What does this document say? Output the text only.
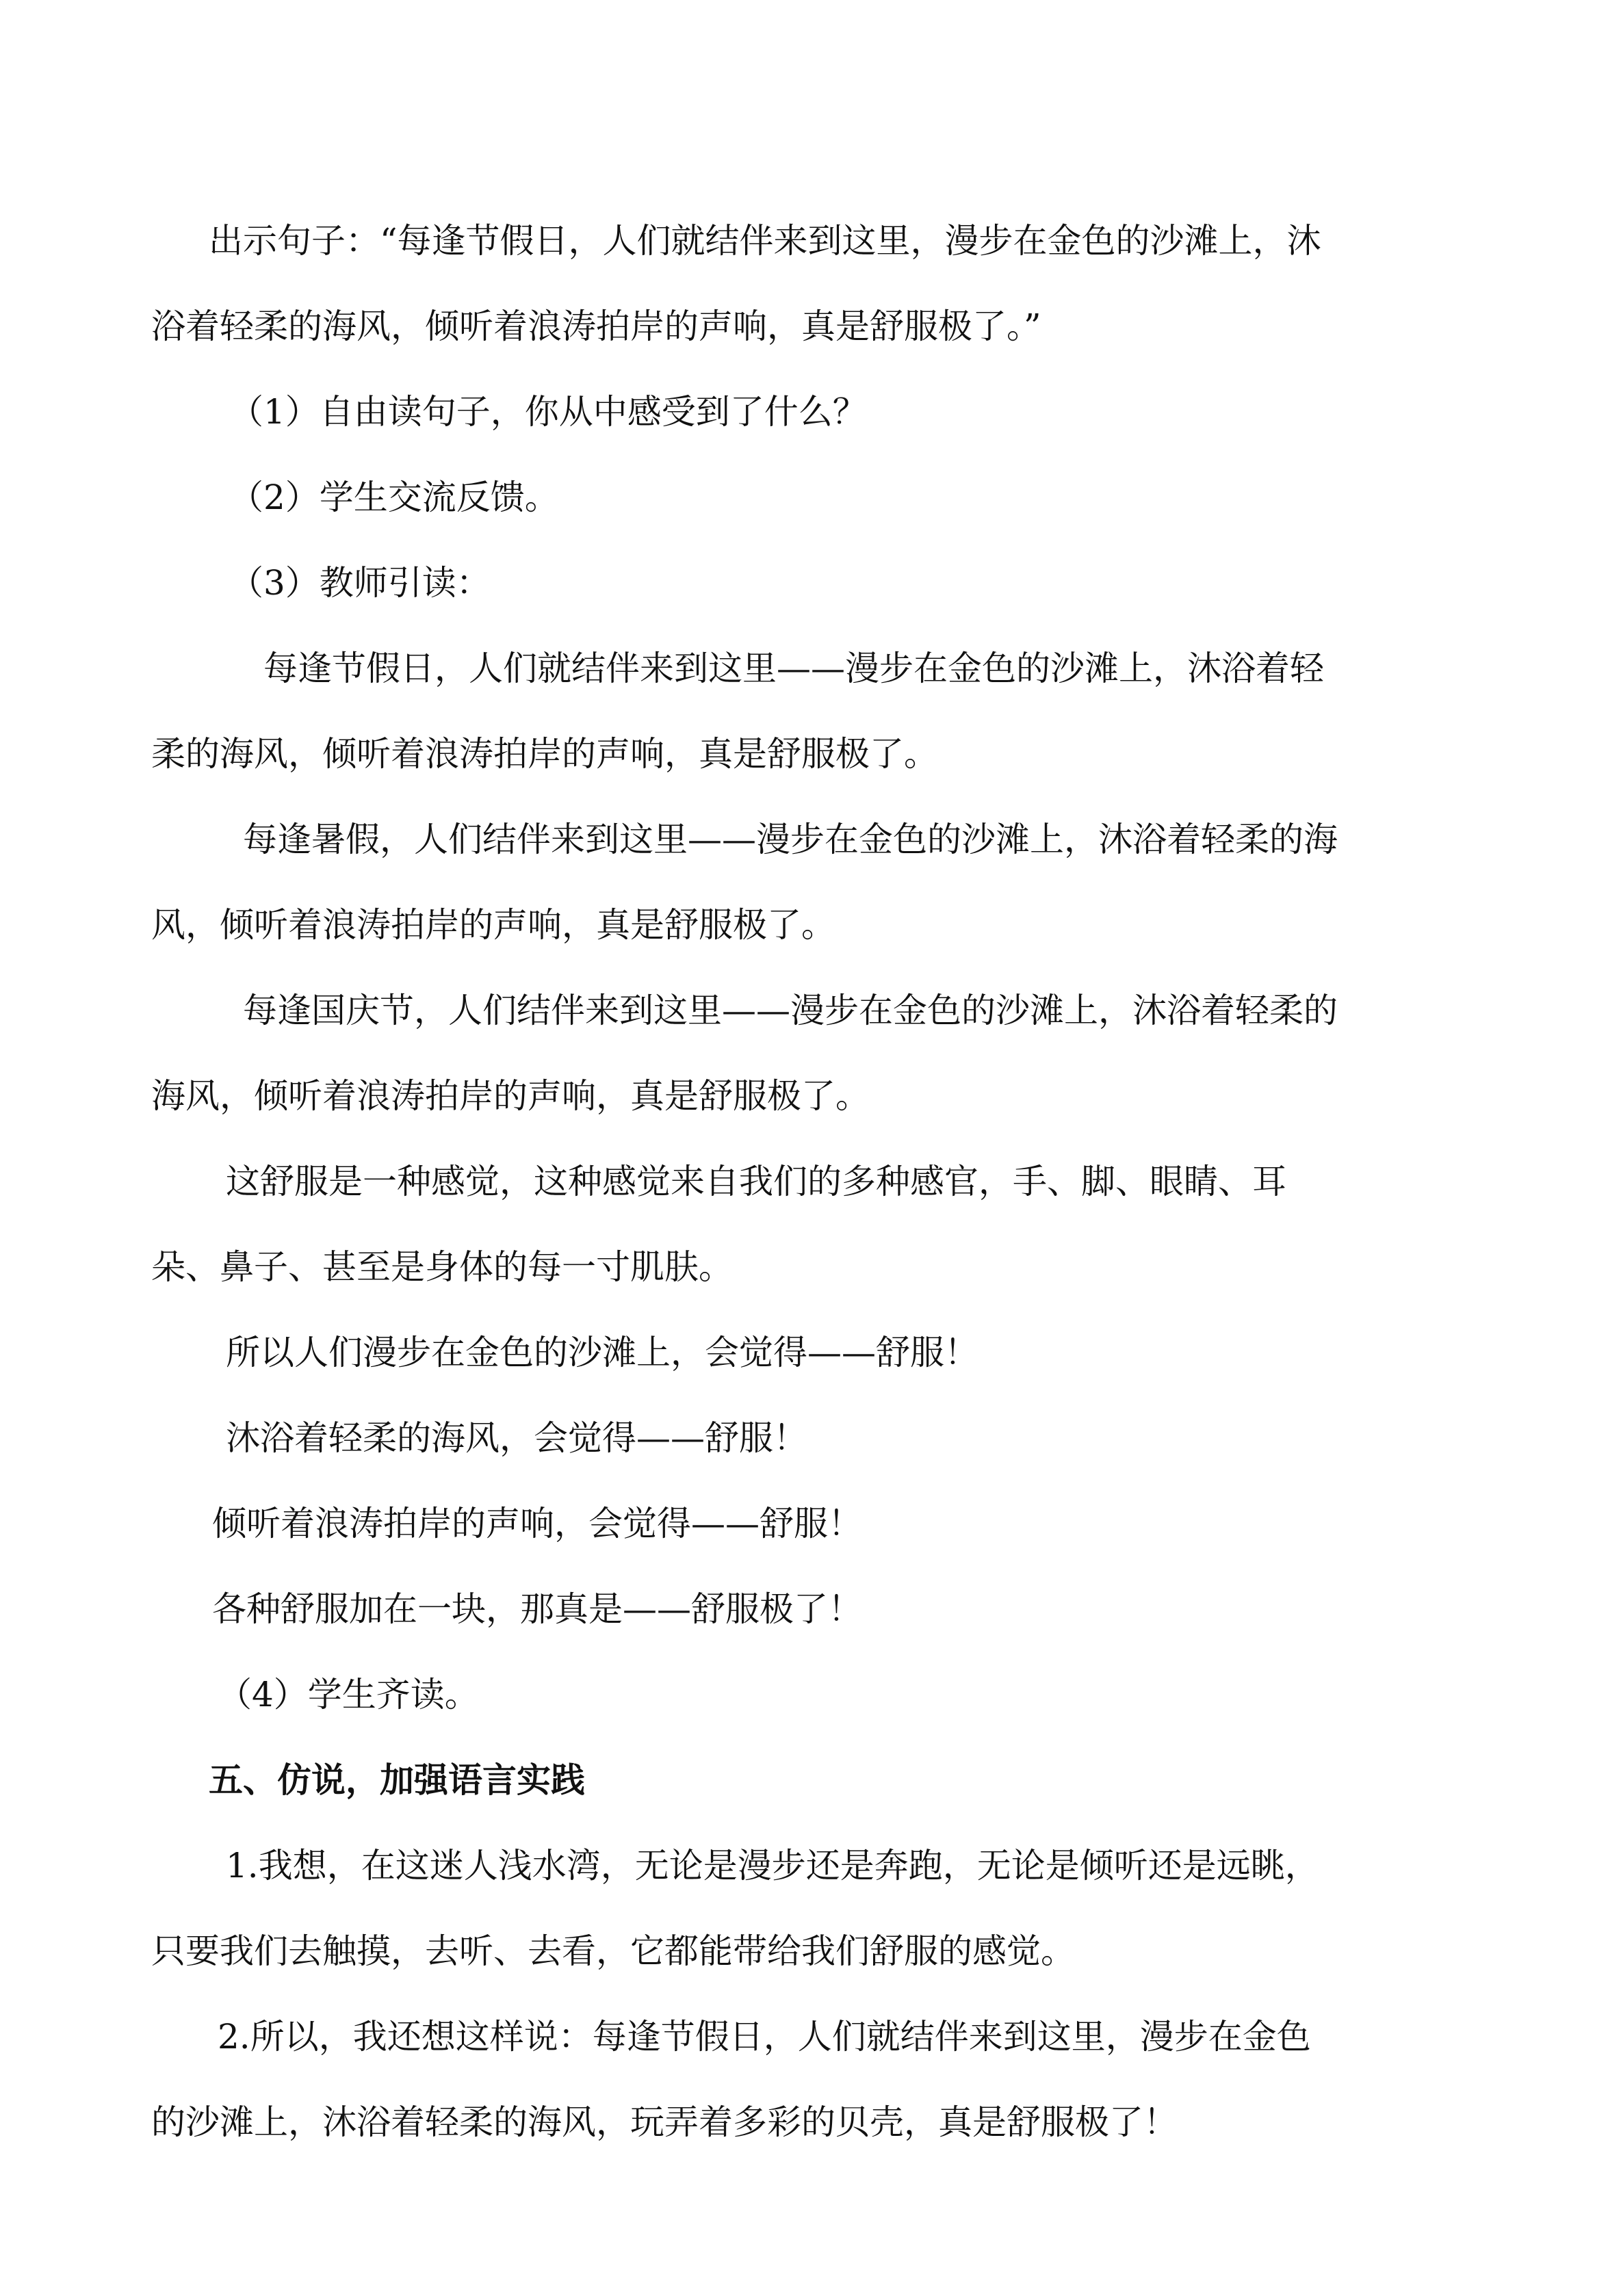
出示句子：“每逢节假日，人们就结伴来到这里，漫步在金色的沙滩上，沐
浴着轻柔的海风，倾听着浪涛拍岸的声响，真是舒服极了。”
（1）自由读句子，你从中感受到了什么？
（2）学生交流反馈。
（3）教师引读：
每逢节假日，人们就结伴来到这里——漫步在金色的沙滩上，沐浴着轻
柔的海风，倾听着浪涛拍岸的声响，真是舒服极了。
每逢暑假，人们结伴来到这里——漫步在金色的沙滩上，沐浴着轻柔的海
风，倾听着浪涛拍岸的声响，真是舒服极了。
每逢国庆节，人们结伴来到这里——漫步在金色的沙滩上，沐浴着轻柔的
海风，倾听着浪涛拍岸的声响，真是舒服极了。
这舒服是一种感觉，这种感觉来自我们的多种感官，手、脚、眼睛、耳
朵、鼻子、甚至是身体的每一寸肌肤。
所以人们漫步在金色的沙滩上，会觉得——舒服！
沐浴着轻柔的海风，会觉得——舒服！
倾听着浪涛拍岸的声响，会觉得——舒服！
各种舒服加在一块，那真是——舒服极了！
（4）学生齐读。
五、仿说，加强语言实践
1.我想，在这迷人浅水湾，无论是漫步还是奔跑，无论是倾听还是远眺，
只要我们去触摸，去听、去看，它都能带给我们舒服的感觉。
2.所以，我还想这样说：每逢节假日，人们就结伴来到这里，漫步在金色
的沙滩上，沐浴着轻柔的海风，玩弄着多彩的贝壳，真是舒服极了！
